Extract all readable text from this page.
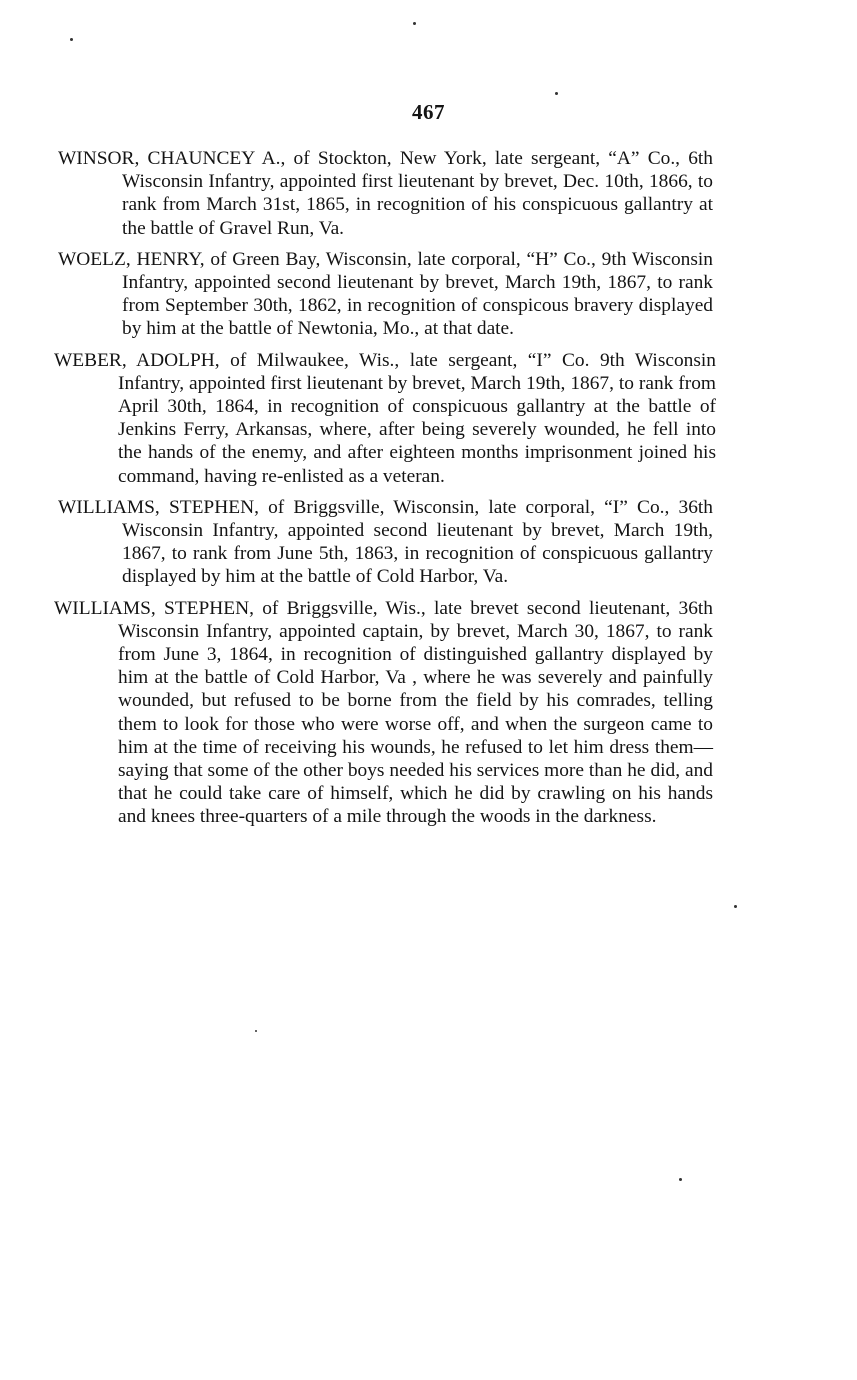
467

WINSOR, CHAUNCEY A., of Stockton, New York, late sergeant, “A” Co., 6th Wisconsin Infantry, appointed first lieutenant by brevet, Dec. 10th, 1866, to rank from March 31st, 1865, in recognition of his conspicuous gallantry at the battle of Gravel Run, Va.

WOELZ, HENRY, of Green Bay, Wisconsin, late corporal, “H” Co., 9th Wisconsin Infantry, appointed second lieutenant by brevet, March 19th, 1867, to rank from September 30th, 1862, in recognition of conspicous bravery displayed by him at the battle of Newtonia, Mo., at that date.

WEBER, ADOLPH, of Milwaukee, Wis., late sergeant, “I” Co. 9th Wisconsin Infantry, appointed first lieutenant by brevet, March 19th, 1867, to rank from April 30th, 1864, in recognition of conspicuous gallantry at the battle of Jenkins Ferry, Arkansas, where, after being severely wounded, he fell into the hands of the enemy, and after eighteen months imprisonment joined his command, having re-enlisted as a veteran.

WILLIAMS, STEPHEN, of Briggsville, Wisconsin, late corporal, “I” Co., 36th Wisconsin Infantry, appointed second lieutenant by brevet, March 19th, 1867, to rank from June 5th, 1863, in recognition of conspicuous gallantry displayed by him at the battle of Cold Harbor, Va.

WILLIAMS, STEPHEN, of Briggsville, Wis., late brevet second lieutenant, 36th Wisconsin Infantry, appointed captain, by brevet, March 30, 1867, to rank from June 3, 1864, in recognition of distinguished gallantry displayed by him at the battle of Cold Harbor, Va , where he was severely and painfully wounded, but refused to be borne from the field by his comrades, telling them to look for those who were worse off, and when the surgeon came to him at the time of receiving his wounds, he refused to let him dress them—saying that some of the other boys needed his services more than he did, and that he could take care of himself, which he did by crawling on his hands and knees three-quarters of a mile through the woods in the darkness.
